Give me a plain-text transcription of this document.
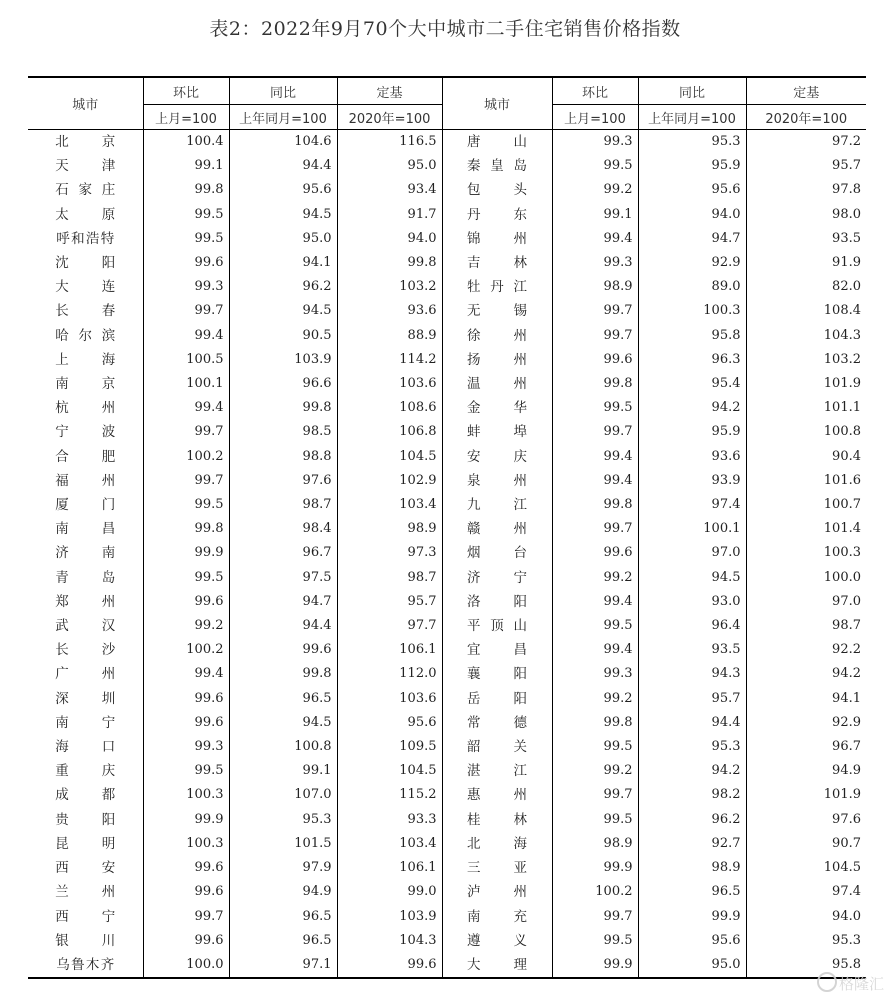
表2：2022年9月70个大中城市二手住宅销售价格指数
城市	环比	同比	定基	城市	环比	同比	定基
	上月=100	上年同月=100	2020年=100		上月=100	上年同月=100	2020年=100

北京	100.4	104.6	116.5	唐山	99.3	95.3	97.2

天津	99.1	94.4	95.0	秦皇岛	99.5	95.9	95.7

石家庄	99.8	95.6	93.4	包头	99.2	95.6	97.8

太原	99.5	94.5	91.7	丹东	99.1	94.0	98.0

呼和浩特	99.5	95.0	94.0	锦州	99.4	94.7	93.5

沈阳	99.6	94.1	99.8	吉林	99.3	92.9	91.9

大连	99.3	96.2	103.2	牡丹江	98.9	89.0	82.0

长春	99.7	94.5	93.6	无锡	99.7	100.3	108.4

哈尔滨	99.4	90.5	88.9	徐州	99.7	95.8	104.3

上海	100.5	103.9	114.2	扬州	99.6	96.3	103.2

南京	100.1	96.6	103.6	温州	99.8	95.4	101.9

杭州	99.4	99.8	108.6	金华	99.5	94.2	101.1

宁波	99.7	98.5	106.8	蚌埠	99.7	95.9	100.8

合肥	100.2	98.8	104.5	安庆	99.4	93.6	90.4

福州	99.7	97.6	102.9	泉州	99.4	93.9	101.6

厦门	99.5	98.7	103.4	九江	99.8	97.4	100.7

南昌	99.8	98.4	98.9	赣州	99.7	100.1	101.4

济南	99.9	96.7	97.3	烟台	99.6	97.0	100.3

青岛	99.5	97.5	98.7	济宁	99.2	94.5	100.0

郑州	99.6	94.7	95.7	洛阳	99.4	93.0	97.0

武汉	99.2	94.4	97.7	平顶山	99.5	96.4	98.7

长沙	100.2	99.6	106.1	宜昌	99.4	93.5	92.2

广州	99.4	99.8	112.0	襄阳	99.3	94.3	94.2

深圳	99.6	96.5	103.6	岳阳	99.2	95.7	94.1

南宁	99.6	94.5	95.6	常德	99.8	94.4	92.9

海口	99.3	100.8	109.5	韶关	99.5	95.3	96.7

重庆	99.5	99.1	104.5	湛江	99.2	94.2	94.9

成都	100.3	107.0	115.2	惠州	99.7	98.2	101.9

贵阳	99.9	95.3	93.3	桂林	99.5	96.2	97.6

昆明	100.3	101.5	103.4	北海	98.9	92.7	90.7

西安	99.6	97.9	106.1	三亚	99.9	98.9	104.5

兰州	99.6	94.9	99.0	泸州	100.2	96.5	97.4

西宁	99.7	96.5	103.9	南充	99.7	99.9	94.0

银川	99.6	96.5	104.3	遵义	99.5	95.6	95.3

乌鲁木齐	100.0	97.1	99.6	大理	99.9	95.0	95.8
格隆汇
